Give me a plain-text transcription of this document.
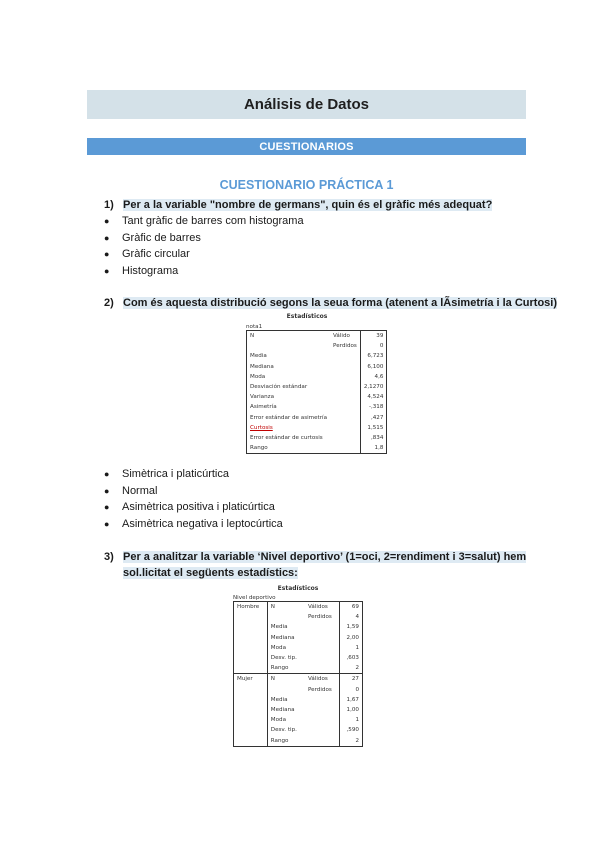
Análisis de Datos
CUESTIONARIOS
CUESTIONARIO PRÁCTICA 1
1) Per a la variable "nombre de germans", quin és el gràfic més adequat?
● Tant gràfic de barres com histograma
● Gràfic de barres
● Gràfic circular
● Histograma
2) Com és aquesta distribució segons la seua forma (atenent a lÃsimetría i la Curtosi)
Estadísticos
nota1
N	Válido	39
	Perdidos	0
Media		6,723
Mediana		6,100
Moda		4,6
Desviación estándar		2,1270
Varianza		4,524
Asimetría		-,318
Error estándar de asimetría		,427
Curtosis		1,515
Error estándar de curtosis		,834
Rango		1,8
● Simètrica i platicúrtica
● Normal
● Asimètrica positiva i platicúrtica
● Asimètrica negativa i leptocúrtica
3) Per a analitzar la variable ‘Nivel deportivo’ (1=oci, 2=rendiment i 3=salut) hem
sol.licitat el següents estadístics:
Estadísticos
Nivel deportivo
Hombre	N	Válidos	69
		Perdidos	4
	Media		1,59
	Mediana		2,00
	Moda		1
	Desv. tip.		,603
	Rango		2
Mujer	N	Válidos	27
		Perdidos	0
	Media		1,67
	Mediana		1,00
	Moda		1
	Desv. tip.		,590
	Rango		2
